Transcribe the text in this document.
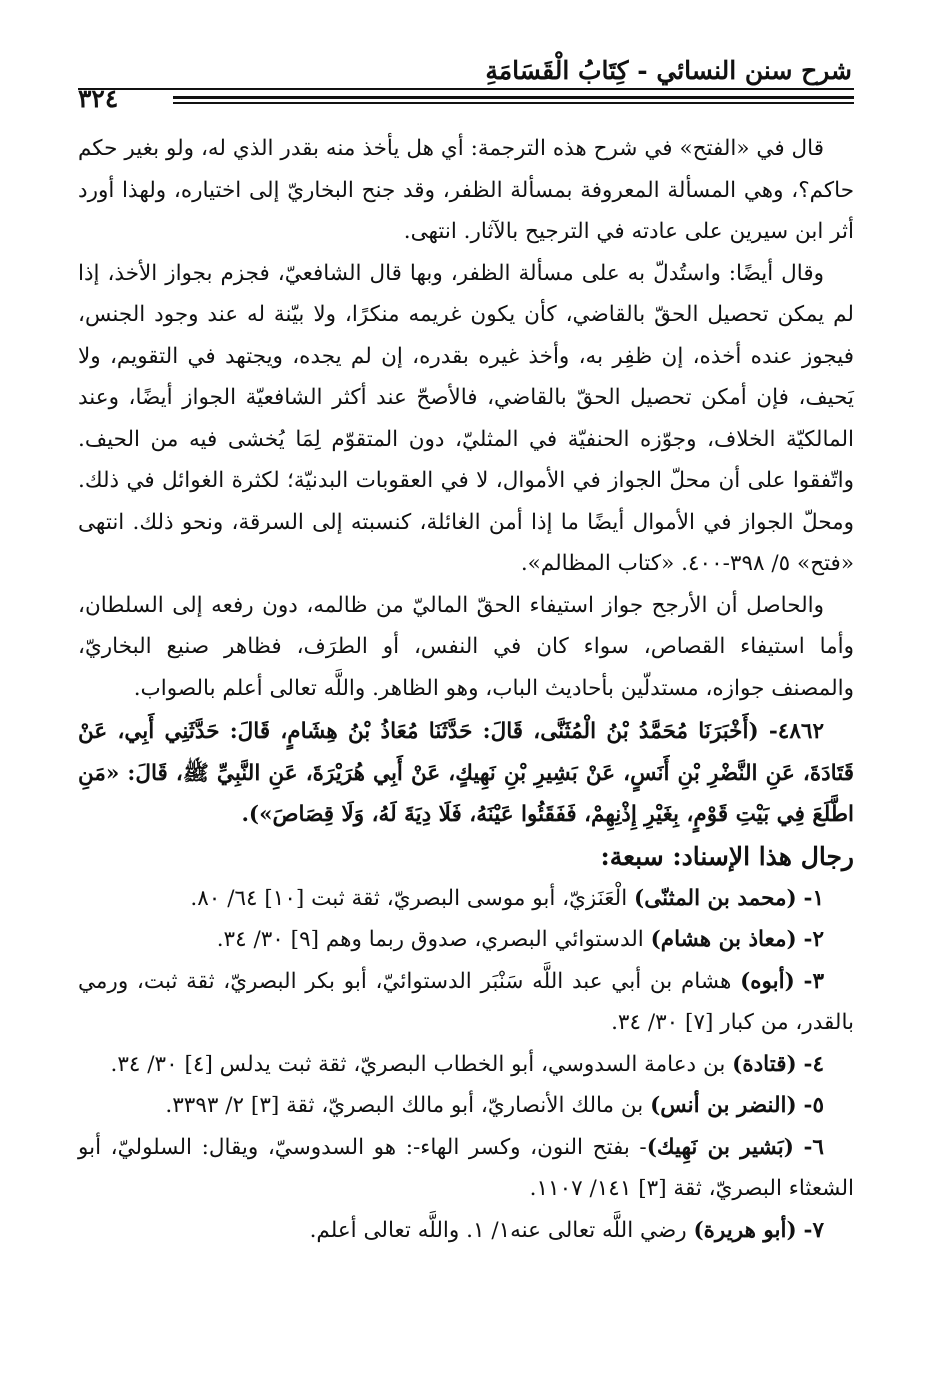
شرح سنن النسائي - كِتَابُ الْقَسَامَةِ
٣٢٤

قال في «الفتح» في شرح هذه الترجمة: أي هل يأخذ منه بقدر الذي له، ولو بغير حكم حاكم؟، وهي المسألة المعروفة بمسألة الظفر، وقد جنح البخاريّ إلى اختياره، ولهذا أورد أثر ابن سيرين على عادته في الترجيح بالآثار. انتهى.

وقال أيضًا: واستُدلّ به على مسألة الظفر، وبها قال الشافعيّ، فجزم بجواز الأخذ، إذا لم يمكن تحصيل الحقّ بالقاضي، كأن يكون غريمه منكرًا، ولا بيّنة له عند وجود الجنس، فيجوز عنده أخذه، إن ظفِر به، وأخذ غيره بقدره، إن لم يجده، ويجتهد في التقويم، ولا يَحيف، فإن أمكن تحصيل الحقّ بالقاضي، فالأصحّ عند أكثر الشافعيّة الجواز أيضًا، وعند المالكيّة الخلاف، وجوّزه الحنفيّة في المثليّ، دون المتقوّم لِمَا يُخشى فيه من الحيف. واتّفقوا على أن محلّ الجواز في الأموال، لا في العقوبات البدنيّة؛ لكثرة الغوائل في ذلك. ومحلّ الجواز في الأموال أيضًا ما إذا أمن الغائلة، كنسبته إلى السرقة، ونحو ذلك. انتهى «فتح» ٥/ ٣٩٨-٤٠٠. «كتاب المظالم».

والحاصل أن الأرجح جواز استيفاء الحقّ الماليّ من ظالمه، دون رفعه إلى السلطان، وأما استيفاء القصاص، سواء كان في النفس، أو الطرَف، فظاهر صنيع البخاريّ، والمصنف جوازه، مستدلّين بأحاديث الباب، وهو الظاهر. واللَّه تعالى أعلم بالصواب.

٤٨٦٢- (أَخْبَرَنَا مُحَمَّدُ بْنُ الْمُثَنَّى، قَالَ: حَدَّثَنَا مُعَاذُ بْنُ هِشَامٍ، قَالَ: حَدَّثَنِي أَبِي، عَنْ قَتَادَةَ، عَنِ النَّضْرِ بْنِ أَنَسٍ، عَنْ بَشِيرِ بْنِ نَهِيكٍ، عَنْ أَبِي هُرَيْرَةَ، عَنِ النَّبِيِّ ﷺ، قَالَ: «مَنِ اطَّلَعَ فِي بَيْتِ قَوْمٍ، بِغَيْرِ إِذْنِهِمْ، فَفَقَئُوا عَيْنَهُ، فَلَا دِيَةَ لَهُ، وَلَا قِصَاصَ»).

رجال هذا الإسناد: سبعة:

١- (محمد بن المثنّى) الْعَنَزيّ، أبو موسى البصريّ، ثقة ثبت [١٠] ٦٤/ ٨٠.

٢- (معاذ بن هشام) الدستوائي البصري، صدوق ربما وهم [٩] ٣٠/ ٣٤.

٣- (أبوه) هشام بن أبي عبد اللَّه سَنْبَر الدستوائيّ، أبو بكر البصريّ، ثقة ثبت، ورمي بالقدر، من كبار [٧] ٣٠/ ٣٤.

٤- (قتادة) بن دعامة السدوسي، أبو الخطاب البصريّ، ثقة ثبت يدلس [٤] ٣٠/ ٣٤.

٥- (النضر بن أنس) بن مالك الأنصاريّ، أبو مالك البصريّ، ثقة [٣] ٢/ ٣٣٩٣.

٦- (بَشير بن نَهِيك)- بفتح النون، وكسر الهاء-: هو السدوسيّ، ويقال: السلوليّ، أبو الشعثاء البصريّ، ثقة [٣] ١٤١/ ١١٠٧.

٧- (أبو هريرة) رضي اللَّه تعالى عنه١/ ١. واللَّه تعالى أعلم.
